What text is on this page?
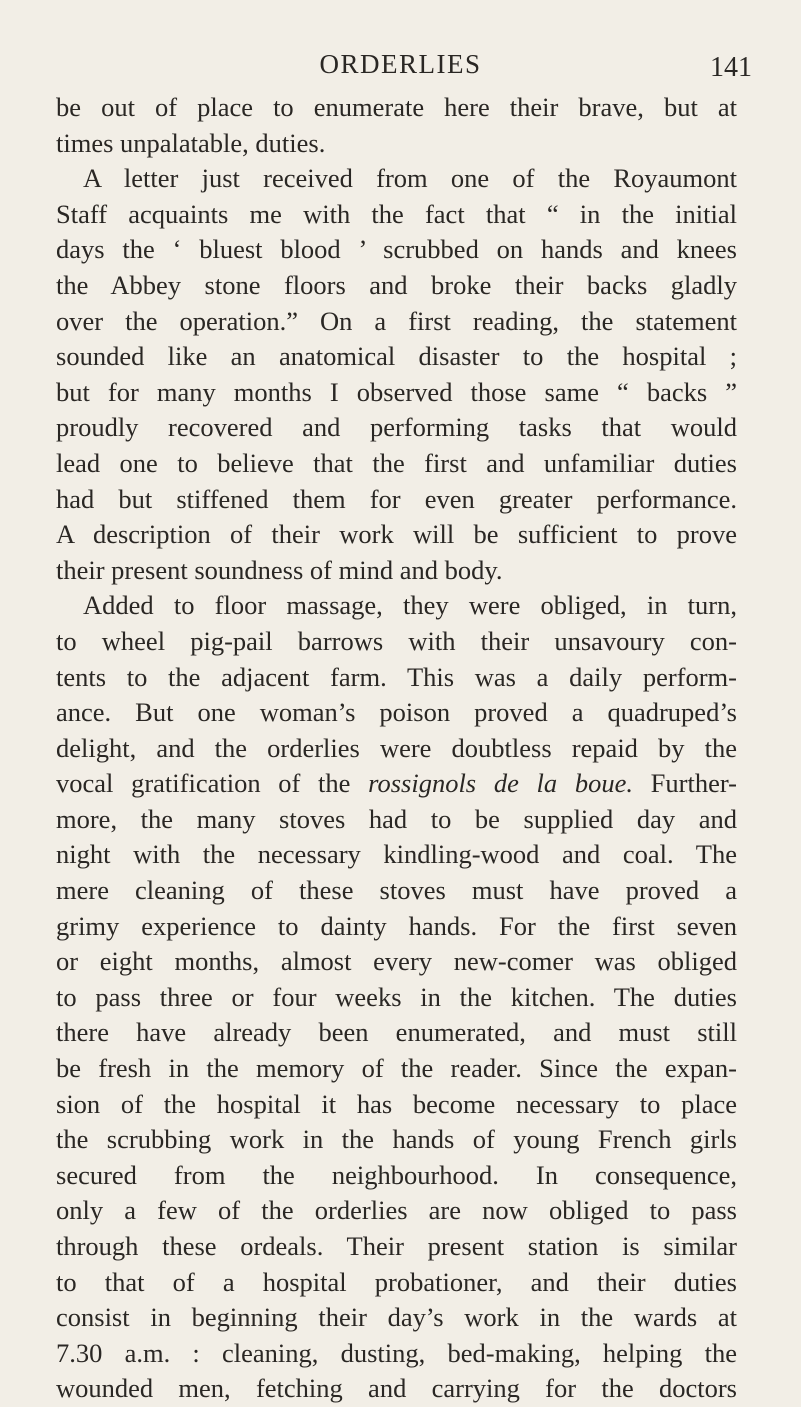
ORDERLIES	141
be out of place to enumerate here their brave, but at
times unpalatable, duties.
A letter just received from one of the Royaumont
Staff acquaints me with the fact that “ in the initial
days the ‘ bluest blood ’ scrubbed on hands and knees
the Abbey stone floors and broke their backs gladly
over the operation.” On a first reading, the statement
sounded like an anatomical disaster to the hospital ;
but for many months I observed those same “ backs ”
proudly recovered and performing tasks that would
lead one to believe that the first and unfamiliar duties
had but stiffened them for even greater performance.
A description of their work will be sufficient to prove
their present soundness of mind and body.
Added to floor massage, they were obliged, in turn,
to wheel pig-pail barrows with their unsavoury con-
tents to the adjacent farm. This was a daily perform-
ance. But one woman’s poison proved a quadruped’s
delight, and the orderlies were doubtless repaid by the
vocal gratification of the rossignols de la boue. Further-
more, the many stoves had to be supplied day and
night with the necessary kindling-wood and coal. The
mere cleaning of these stoves must have proved a
grimy experience to dainty hands. For the first seven
or eight months, almost every new-comer was obliged
to pass three or four weeks in the kitchen. The duties
there have already been enumerated, and must still
be fresh in the memory of the reader. Since the expan-
sion of the hospital it has become necessary to place
the scrubbing work in the hands of young French girls
secured from the neighbourhood. In consequence,
only a few of the orderlies are now obliged to pass
through these ordeals. Their present station is similar
to that of a hospital probationer, and their duties
consist in beginning their day’s work in the wards at
7.30 a.m. : cleaning, dusting, bed-making, helping the
wounded men, fetching and carrying for the doctors
